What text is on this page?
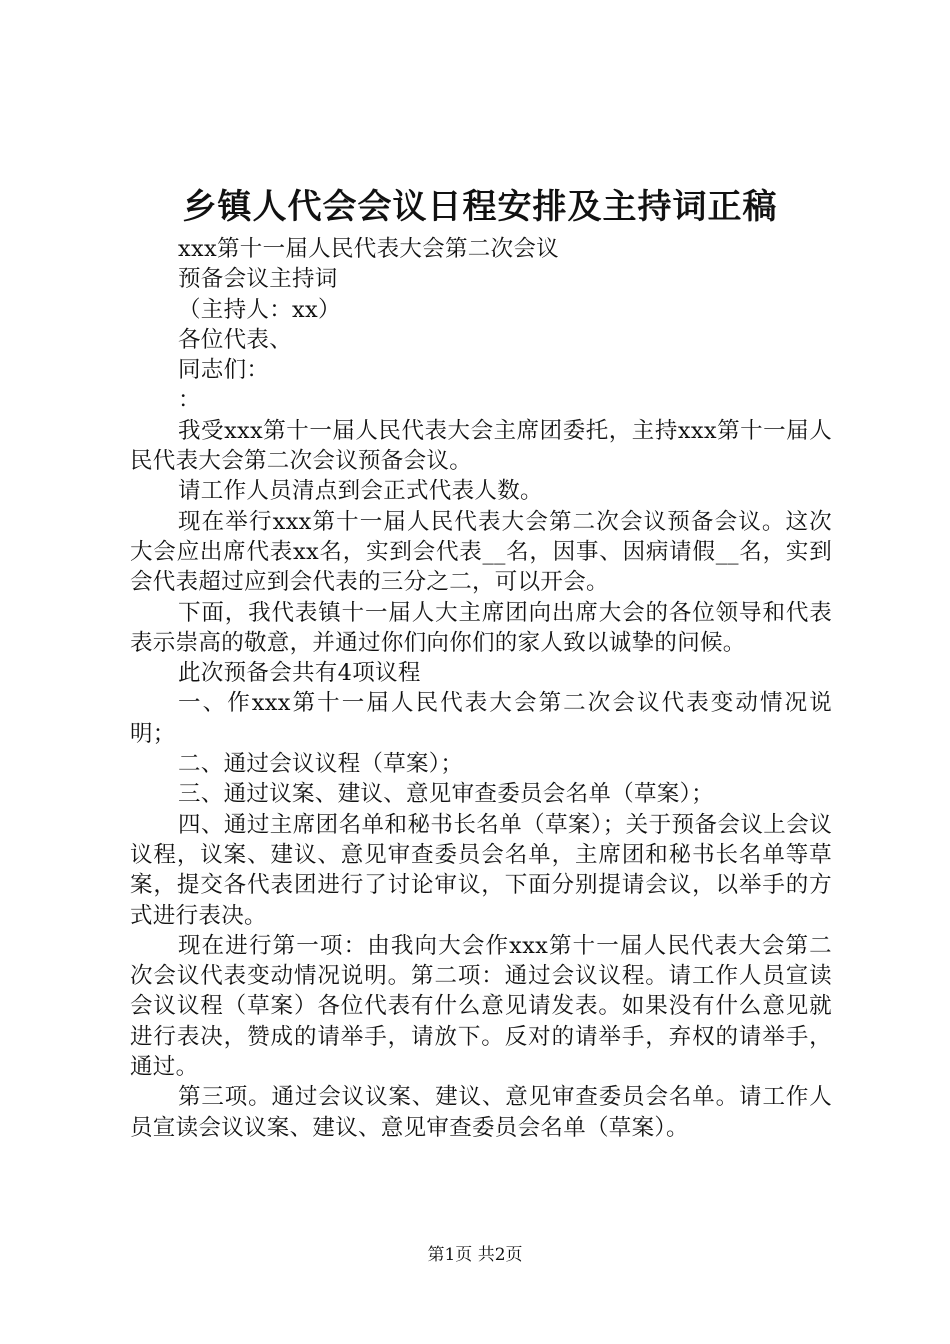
乡镇人代会会议日程安排及主持词正稿

xxx第十一届人民代表大会第二次会议

预备会议主持词

（主持人：xx）

各位代表、

同志们：

：

我受xxx第十一届人民代表大会主席团委托，主持xxx第十一届人民代表大会第二次会议预备会议。

请工作人员清点到会正式代表人数。

现在举行xxx第十一届人民代表大会第二次会议预备会议。这次大会应出席代表xx名，实到会代表__名，因事、因病请假__名，实到会代表超过应到会代表的三分之二，可以开会。

下面，我代表镇十一届人大主席团向出席大会的各位领导和代表表示崇高的敬意，并通过你们向你们的家人致以诚挚的问候。

此次预备会共有4项议程

一、作xxx第十一届人民代表大会第二次会议代表变动情况说明；

二、通过会议议程（草案）；

三、通过议案、建议、意见审查委员会名单（草案）；

四、通过主席团名单和秘书长名单（草案）；关于预备会议上会议议程，议案、建议、意见审查委员会名单，主席团和秘书长名单等草案，提交各代表团进行了讨论审议，下面分别提请会议，以举手的方式进行表决。

现在进行第一项：由我向大会作xxx第十一届人民代表大会第二次会议代表变动情况说明。第二项：通过会议议程。请工作人员宣读会议议程（草案）各位代表有什么意见请发表。如果没有什么意见就进行表决，赞成的请举手，请放下。反对的请举手，弃权的请举手，通过。

第三项。通过会议议案、建议、意见审查委员会名单。请工作人员宣读会议议案、建议、意见审查委员会名单（草案）。

第1页 共2页
